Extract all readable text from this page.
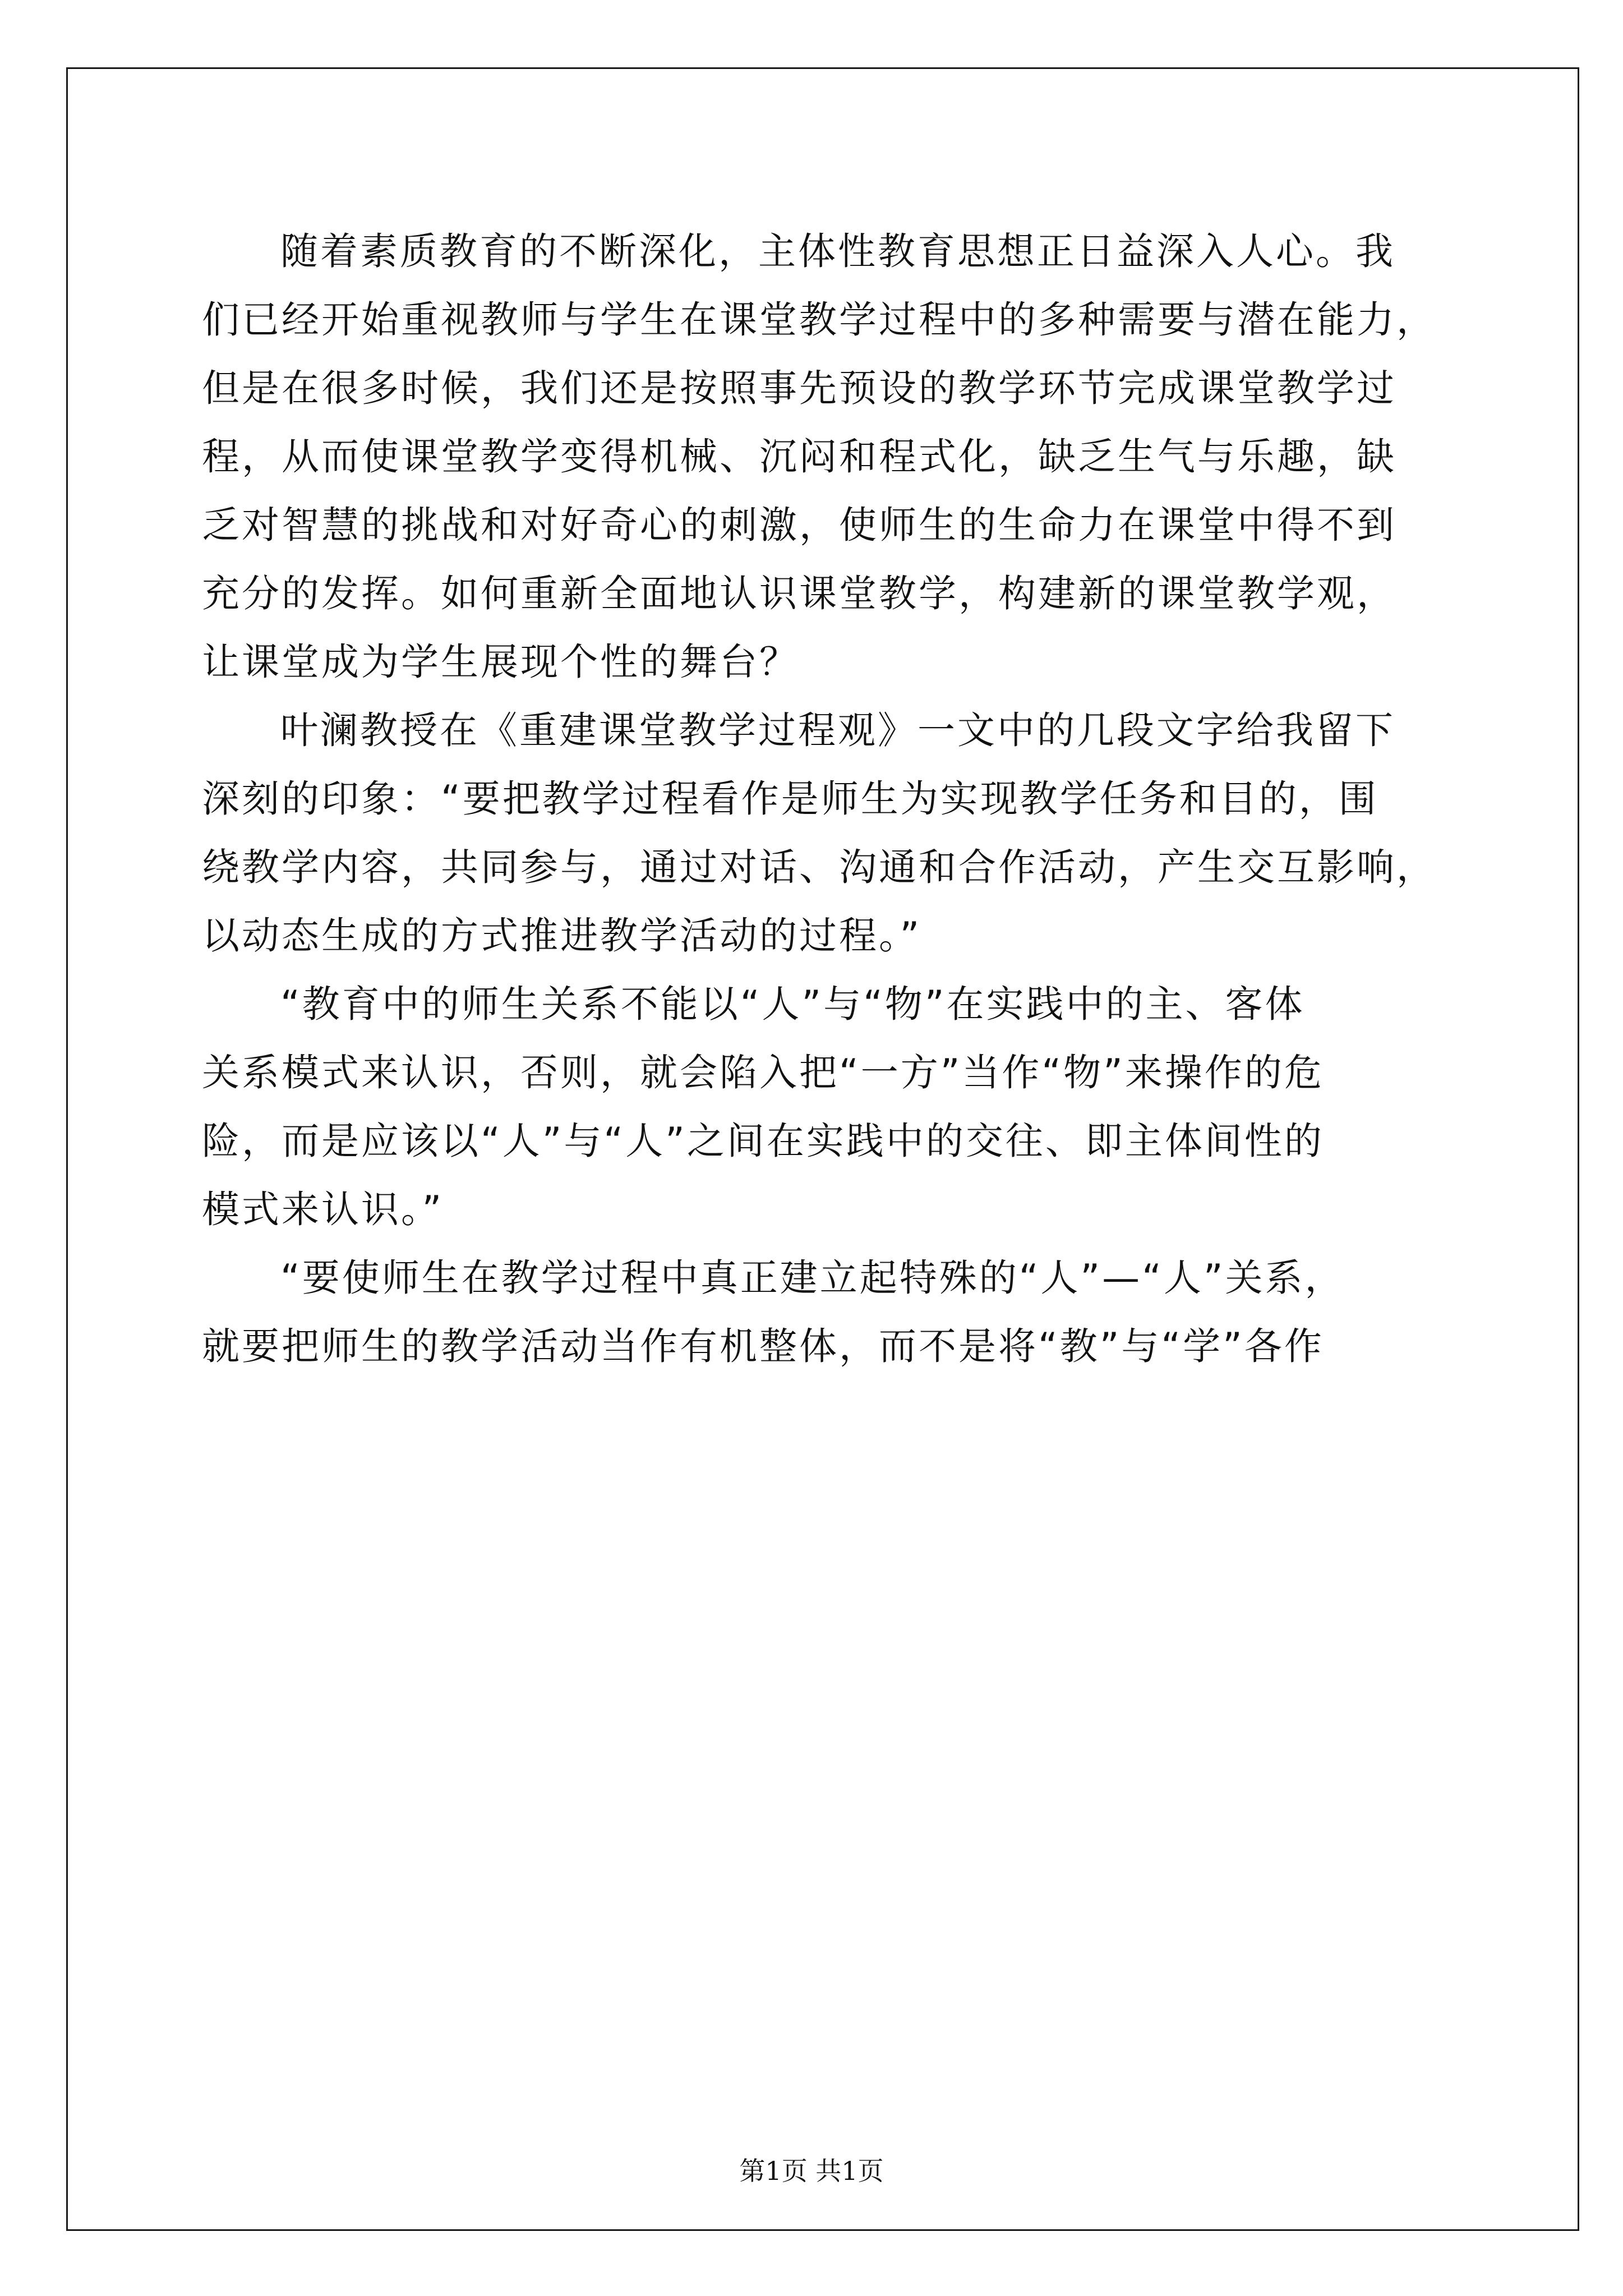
随着素质教育的不断深化，主体性教育思想正日益深入人心。我
们已经开始重视教师与学生在课堂教学过程中的多种需要与潜在能力，
但是在很多时候，我们还是按照事先预设的教学环节完成课堂教学过
程，从而使课堂教学变得机械、沉闷和程式化，缺乏生气与乐趣，缺
乏对智慧的挑战和对好奇心的刺激，使师生的生命力在课堂中得不到
充分的发挥。如何重新全面地认识课堂教学，构建新的课堂教学观，
让课堂成为学生展现个性的舞台？
叶澜教授在《重建课堂教学过程观》一文中的几段文字给我留下
深刻的印象：“要把教学过程看作是师生为实现教学任务和目的，围
绕教学内容，共同参与，通过对话、沟通和合作活动，产生交互影响，
以动态生成的方式推进教学活动的过程。”
“教育中的师生关系不能以“人”与“物”在实践中的主、客体
关系模式来认识，否则，就会陷入把“一方”当作“物”来操作的危
险，而是应该以“人”与“人”之间在实践中的交往、即主体间性的
模式来认识。”
“要使师生在教学过程中真正建立起特殊的“人”—“人”关系，
就要把师生的教学活动当作有机整体，而不是将“教”与“学”各作
第1页 共1页
